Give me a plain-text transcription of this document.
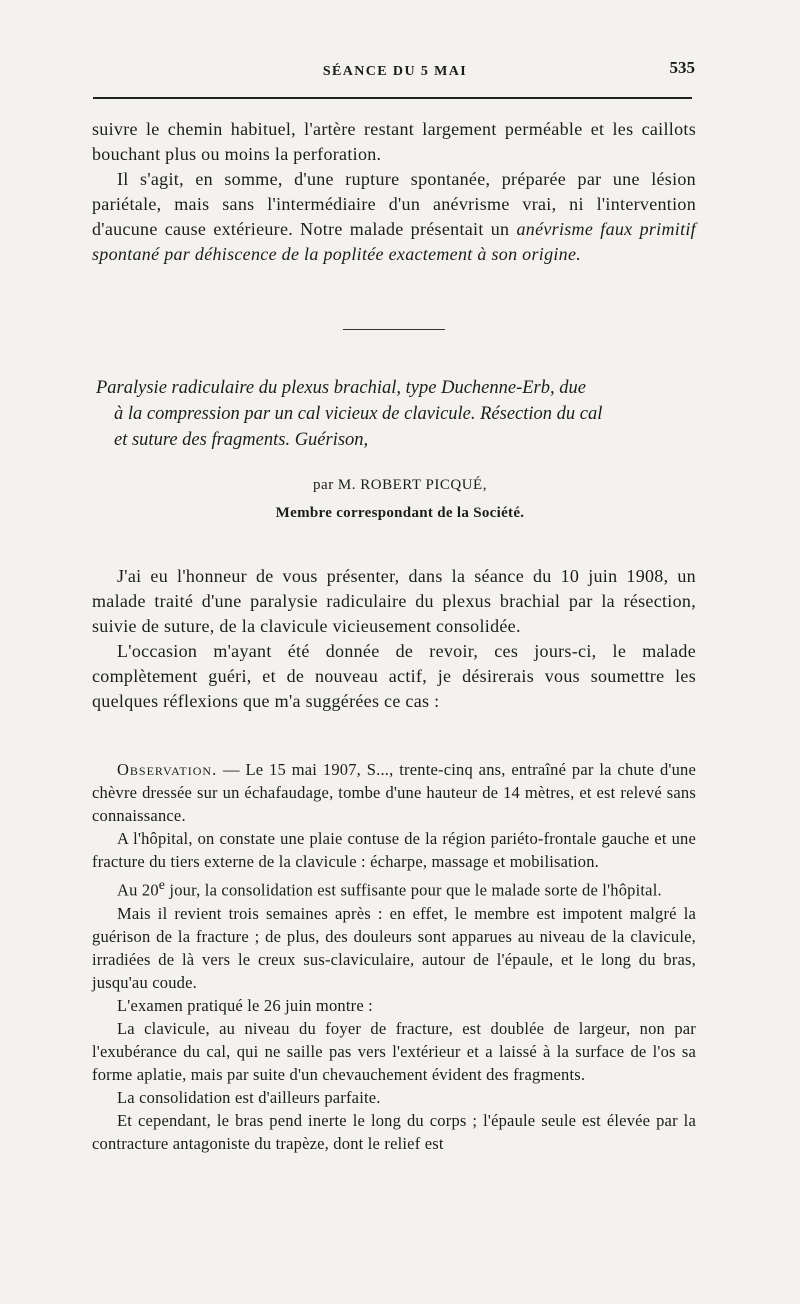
SÉANCE DU 5 MAI	535

suivre le chemin habituel, l'artère restant largement perméable et les caillots bouchant plus ou moins la perforation.

Il s'agit, en somme, d'une rupture spontanée, préparée par une lésion pariétale, mais sans l'intermédiaire d'un anévrisme vrai, ni l'intervention d'aucune cause extérieure. Notre malade présentait un anévrisme faux primitif spontané par déhiscence de la poplitée exactement à son origine.

Paralysie radiculaire du plexus brachial, type Duchenne-Erb, due
à la compression par un cal vicieux de clavicule. Résection du cal
et suture des fragments. Guérison,
par M. ROBERT PICQUÉ,
Membre correspondant de la Société.

J'ai eu l'honneur de vous présenter, dans la séance du 10 juin 1908, un malade traité d'une paralysie radiculaire du plexus brachial par la résection, suivie de suture, de la clavicule vicieusement consolidée.

L'occasion m'ayant été donnée de revoir, ces jours-ci, le malade complètement guéri, et de nouveau actif, je désirerais vous soumettre les quelques réflexions que m'a suggérées ce cas :

Observation. — Le 15 mai 1907, S..., trente-cinq ans, entraîné par la chute d'une chèvre dressée sur un échafaudage, tombe d'une hauteur de 14 mètres, et est relevé sans connaissance.

A l'hôpital, on constate une plaie contuse de la région pariéto-frontale gauche et une fracture du tiers externe de la clavicule : écharpe, massage et mobilisation.

Au 20e jour, la consolidation est suffisante pour que le malade sorte de l'hôpital.

Mais il revient trois semaines après : en effet, le membre est impotent malgré la guérison de la fracture ; de plus, des douleurs sont apparues au niveau de la clavicule, irradiées de là vers le creux sus-claviculaire, autour de l'épaule, et le long du bras, jusqu'au coude.

L'examen pratiqué le 26 juin montre :

La clavicule, au niveau du foyer de fracture, est doublée de largeur, non par l'exubérance du cal, qui ne saille pas vers l'extérieur et a laissé à la surface de l'os sa forme aplatie, mais par suite d'un chevauchement évident des fragments.

La consolidation est d'ailleurs parfaite.

Et cependant, le bras pend inerte le long du corps ; l'épaule seule est élevée par la contracture antagoniste du trapèze, dont le relief est
